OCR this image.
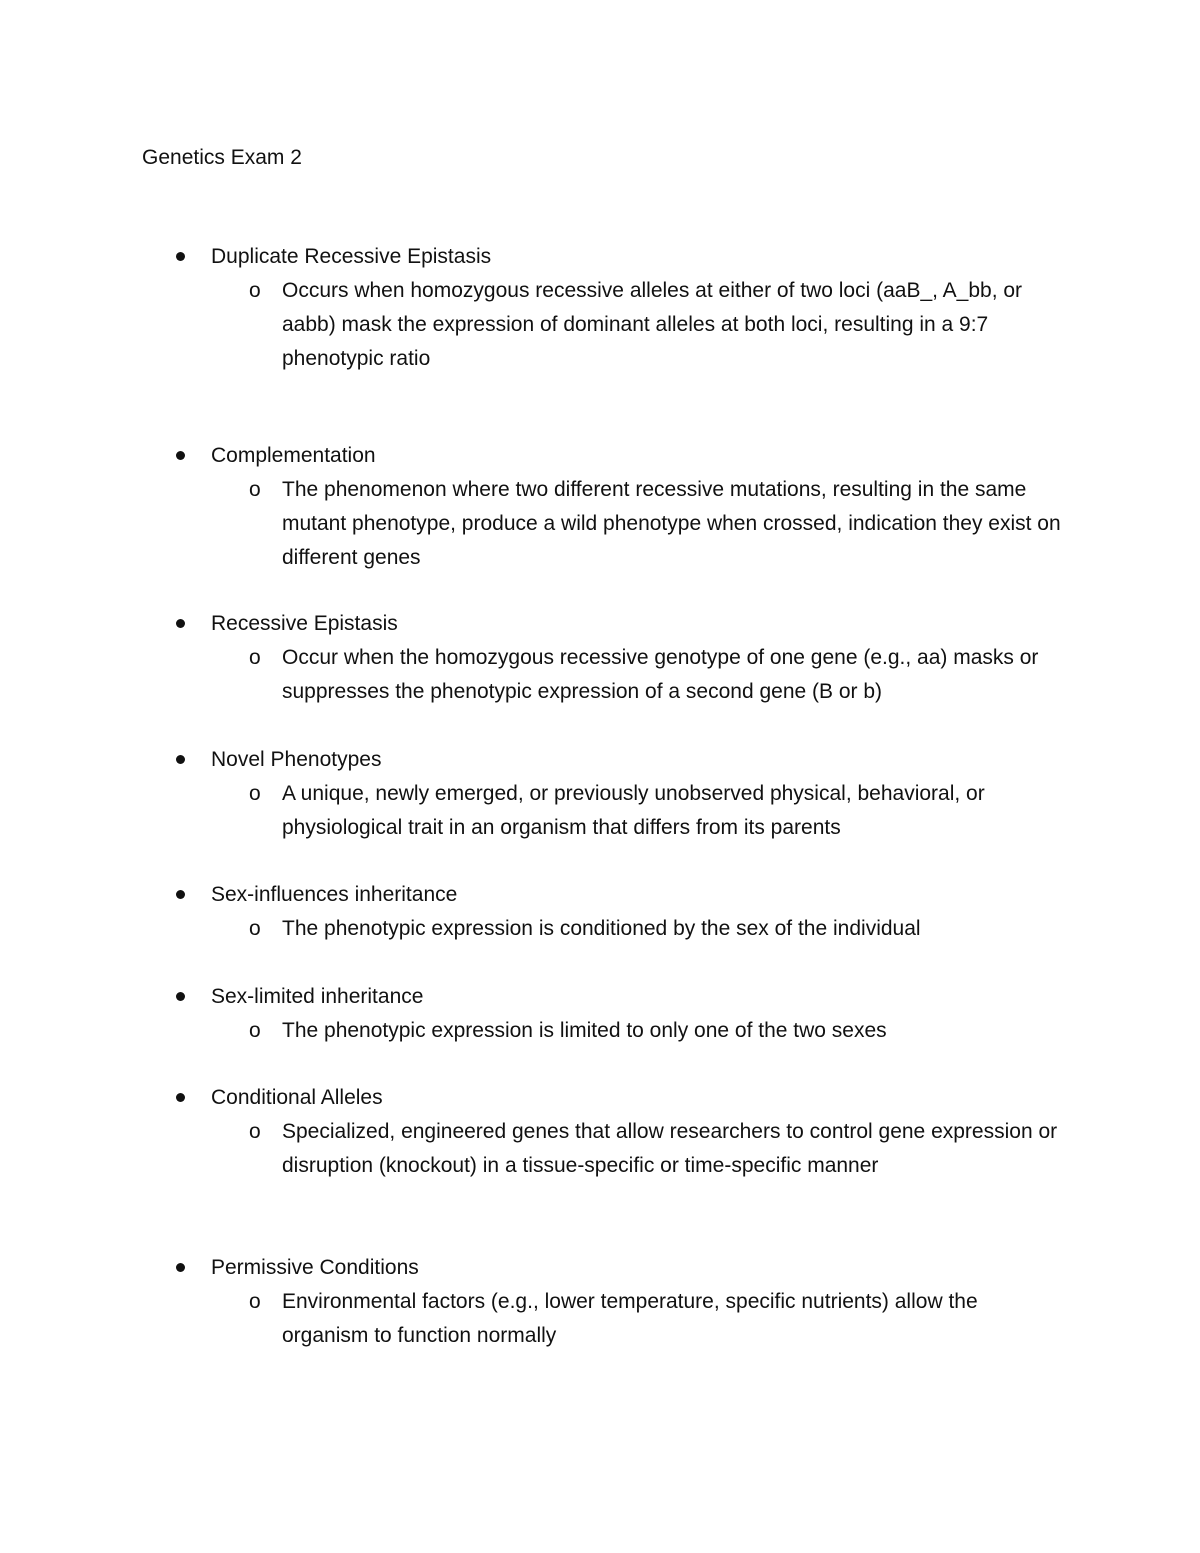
Genetics Exam 2
Duplicate Recessive Epistasis
o Occurs when homozygous recessive alleles at either of two loci (aaB_, A_bb, or aabb) mask the expression of dominant alleles at both loci, resulting in a 9:7 phenotypic ratio
Complementation
o The phenomenon where two different recessive mutations, resulting in the same mutant phenotype, produce a wild phenotype when crossed, indication they exist on different genes
Recessive Epistasis
o Occur when the homozygous recessive genotype of one gene (e.g., aa) masks or suppresses the phenotypic expression of a second gene (B or b)
Novel Phenotypes
o A unique, newly emerged, or previously unobserved physical, behavioral, or physiological trait in an organism that differs from its parents
Sex-influences inheritance
o The phenotypic expression is conditioned by the sex of the individual
Sex-limited inheritance
o The phenotypic expression is limited to only one of the two sexes
Conditional Alleles
o Specialized, engineered genes that allow researchers to control gene expression or disruption (knockout) in a tissue-specific or time-specific manner
Permissive Conditions
o Environmental factors (e.g., lower temperature, specific nutrients) allow the organism to function normally
